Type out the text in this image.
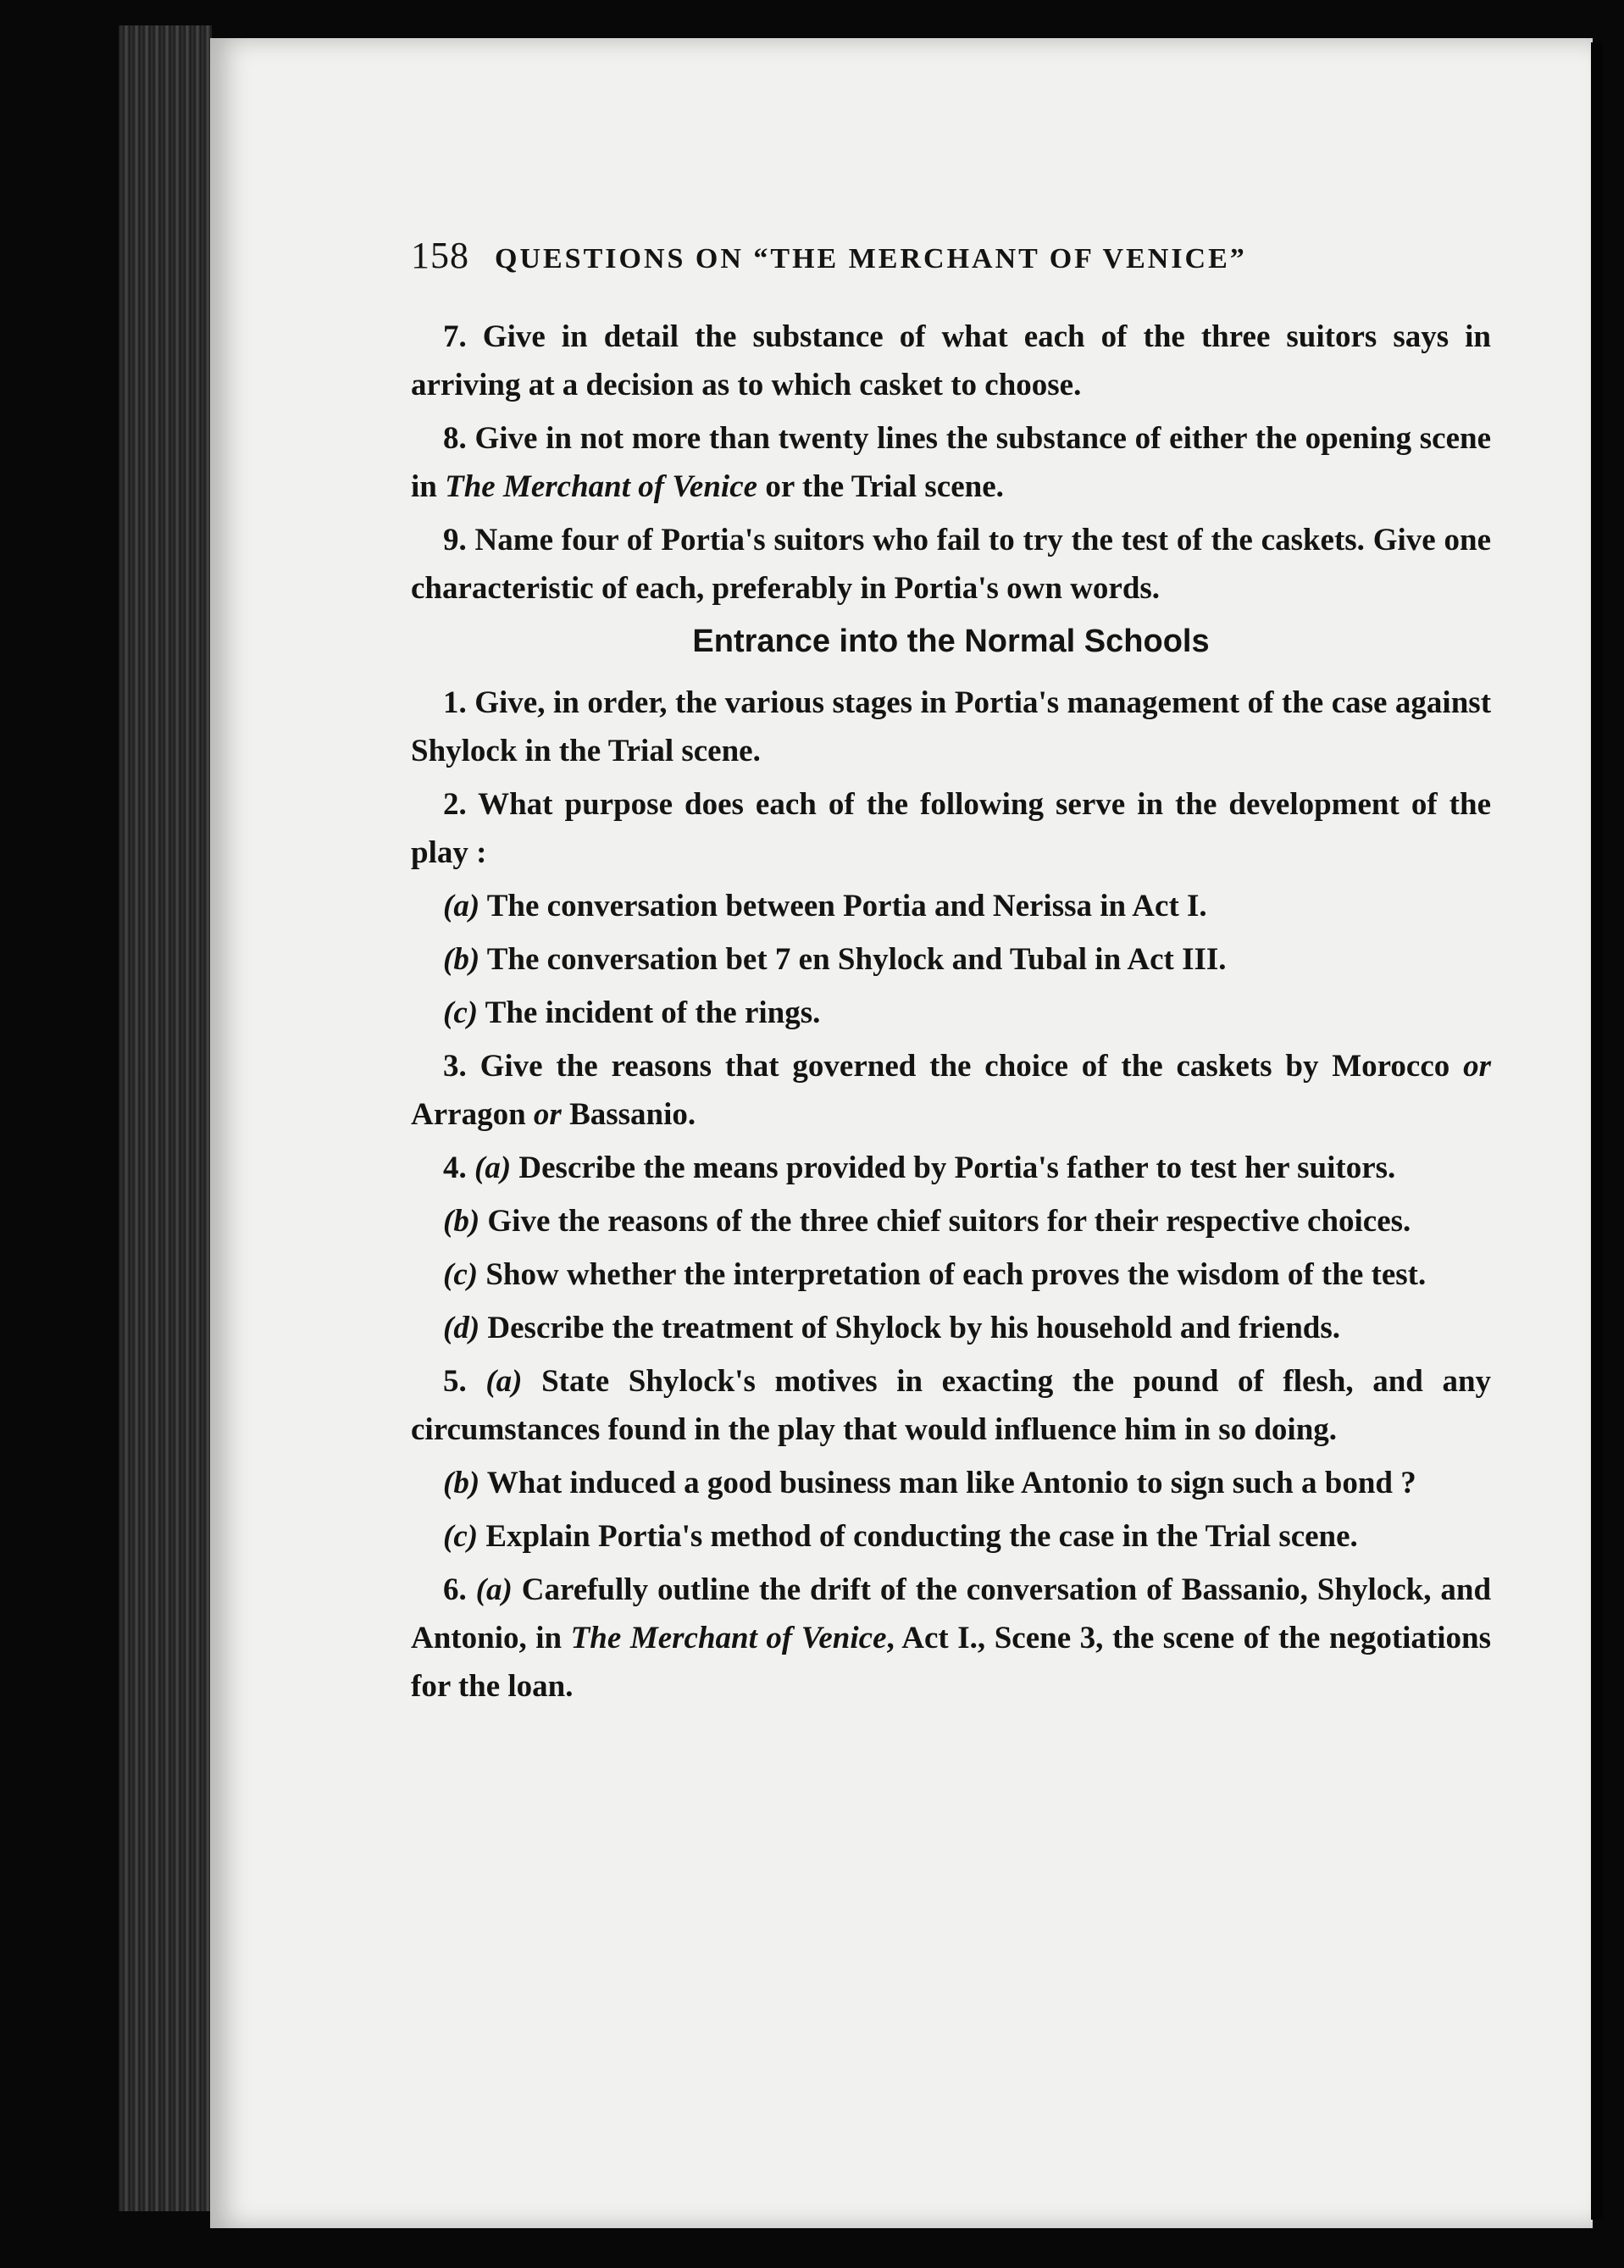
158 QUESTIONS ON “THE MERCHANT OF VENICE”

7. Give in detail the substance of what each of the three suitors says in arriving at a decision as to which casket to choose.

8. Give in not more than twenty lines the substance of either the opening scene in The Merchant of Venice or the Trial scene.

9. Name four of Portia's suitors who fail to try the test of the caskets. Give one characteristic of each, preferably in Portia's own words.

Entrance into the Normal Schools

1. Give, in order, the various stages in Portia's management of the case against Shylock in the Trial scene.

2. What purpose does each of the following serve in the development of the play :

(a) The conversation between Portia and Nerissa in Act I.

(b) The conversation bet 7 en Shylock and Tubal in Act III.

(c) The incident of the rings.

3. Give the reasons that governed the choice of the caskets by Morocco or Arragon or Bassanio.

4. (a) Describe the means provided by Portia's father to test her suitors.

(b) Give the reasons of the three chief suitors for their respective choices.

(c) Show whether the interpretation of each proves the wisdom of the test.

(d) Describe the treatment of Shylock by his household and friends.

5. (a) State Shylock's motives in exacting the pound of flesh, and any circumstances found in the play that would influence him in so doing.

(b) What induced a good business man like Antonio to sign such a bond ?

(c) Explain Portia's method of conducting the case in the Trial scene.

6. (a) Carefully outline the drift of the conversation of Bassanio, Shylock, and Antonio, in The Merchant of Venice, Act I., Scene 3, the scene of the negotiations for the loan.
